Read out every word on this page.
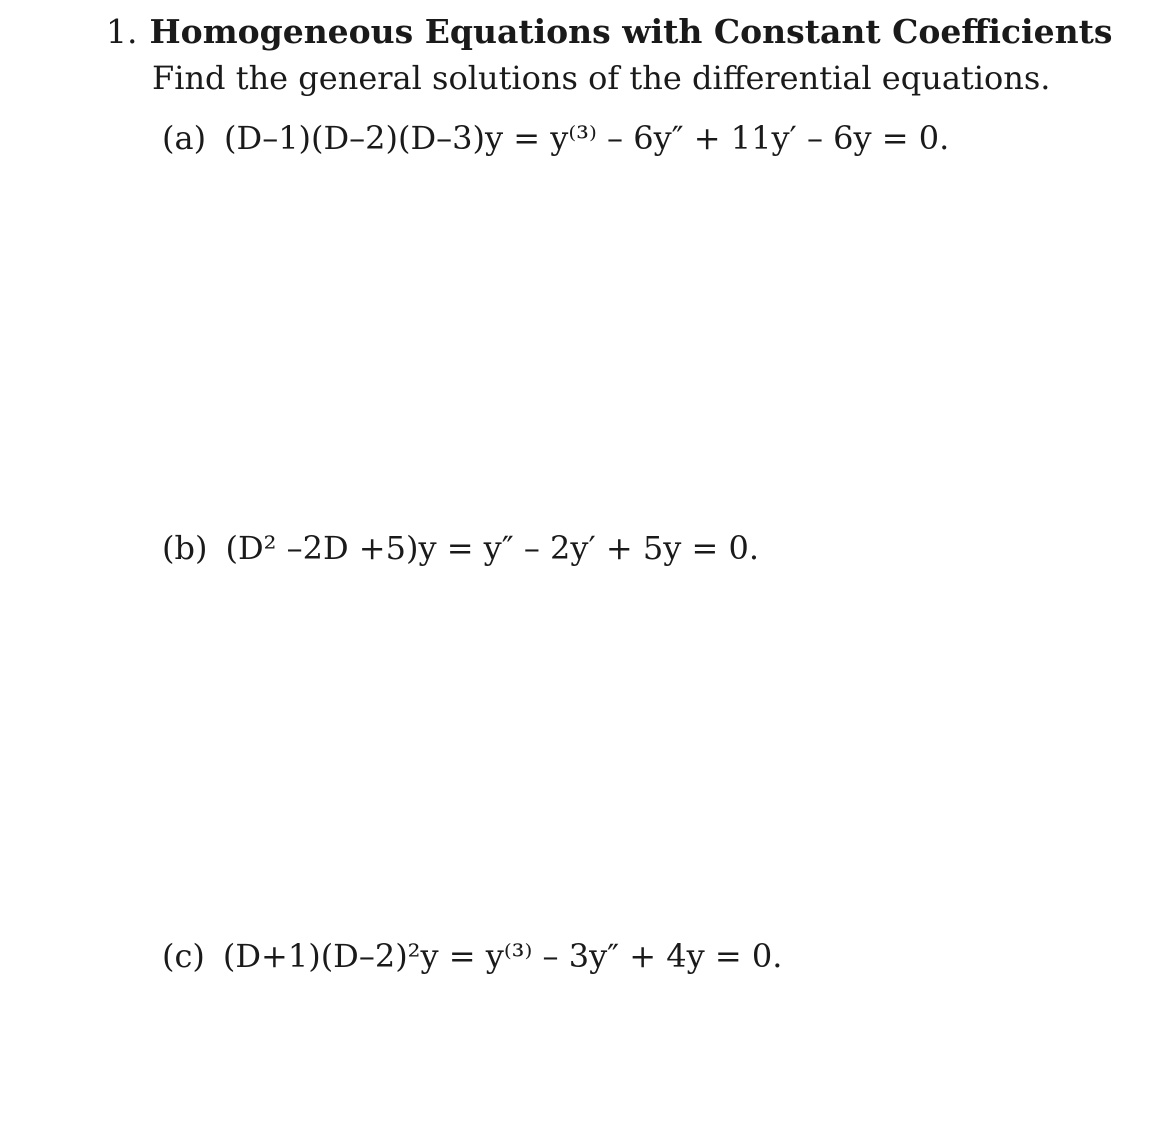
1. Homogeneous Equations with Constant Coefficients
Find the general solutions of the differential equations.
(a) (D–1)(D–2)(D–3)y = y⁽³⁾ – 6y″ + 11y′ – 6y = 0.
(b) (D² –2D +5)y = y″ – 2y′ + 5y = 0.
(c) (D+1)(D–2)²y = y⁽³⁾ – 3y″ + 4y = 0.
